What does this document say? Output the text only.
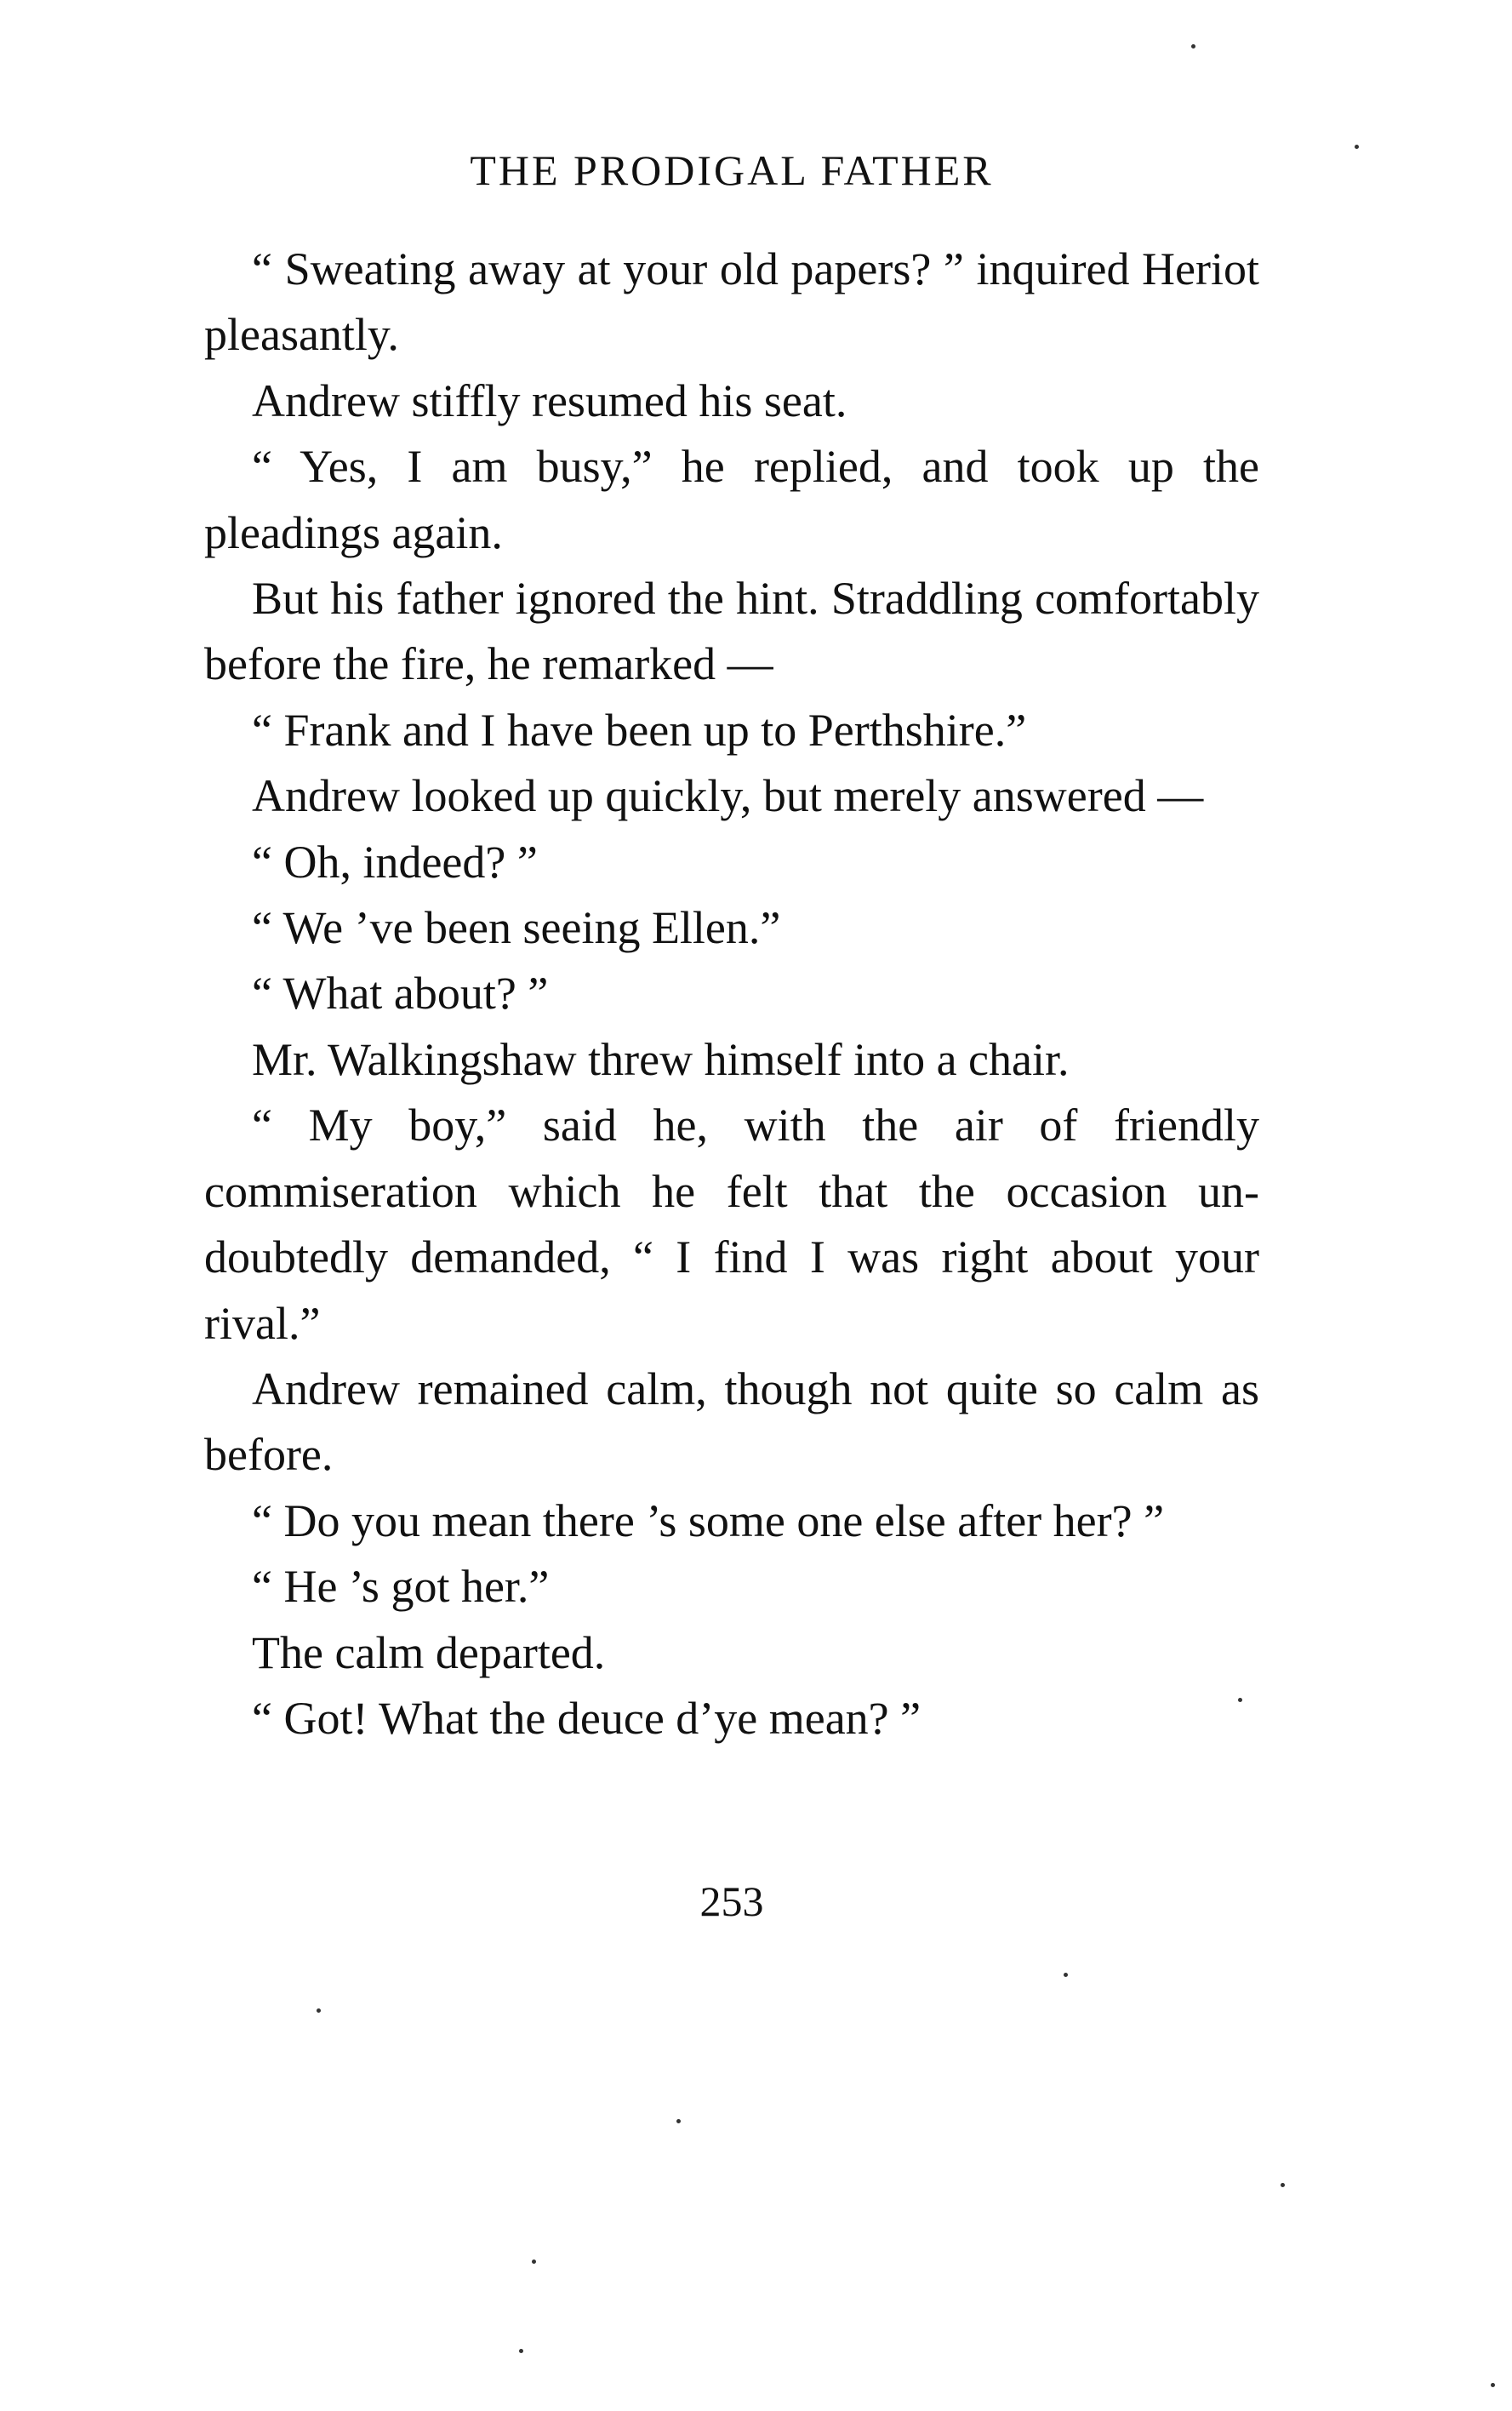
THE PRODIGAL FATHER

“ Sweating away at your old papers? ” inquired Heriot pleasantly.

Andrew stiffly resumed his seat.

“ Yes, I am busy,” he replied, and took up the pleadings again.

But his father ignored the hint. Straddling comfortably before the fire, he remarked —

“ Frank and I have been up to Perthshire.”

Andrew looked up quickly, but merely answered —

“ Oh, indeed? ”

“ We ’ve been seeing Ellen.”

“ What about? ”

Mr. Walkingshaw threw himself into a chair.

“ My boy,” said he, with the air of friendly commiseration which he felt that the occasion undoubtedly demanded, “ I find I was right about your rival.”

Andrew remained calm, though not quite so calm as before.

“ Do you mean there ’s some one else after her? ”

“ He ’s got her.”

The calm departed.

“ Got! What the deuce d’ye mean? ”

253
